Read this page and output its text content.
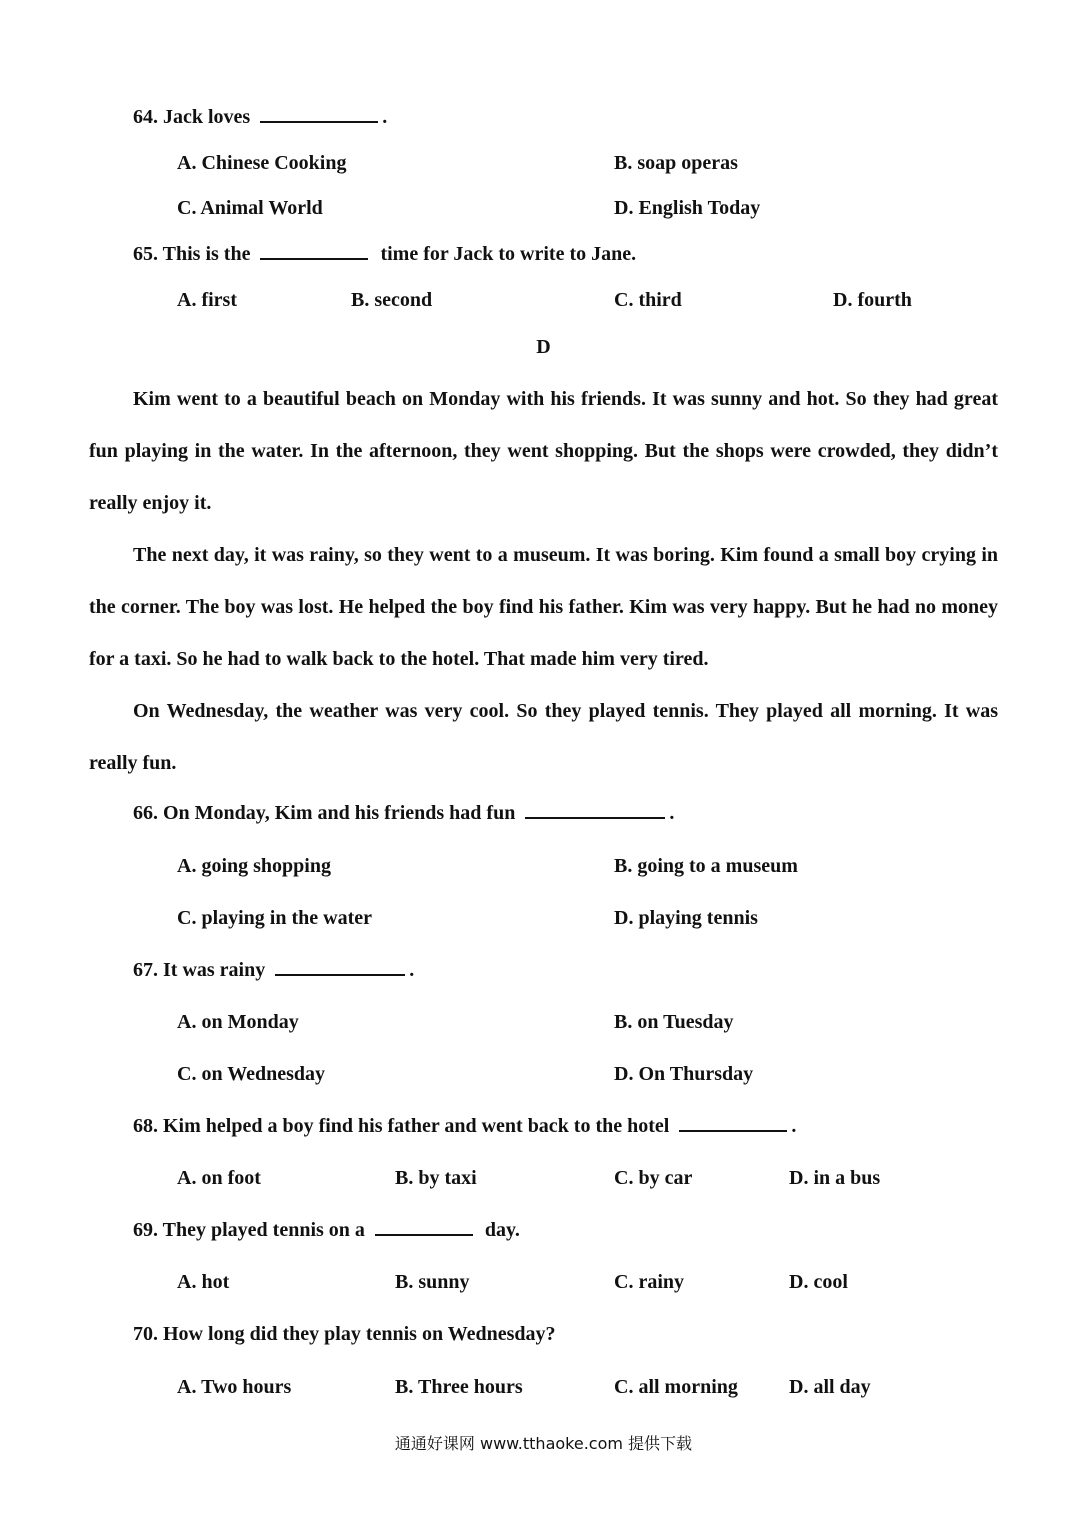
64. Jack loves	.
A. Chinese Cooking	B. soap operas
C. Animal World	D. English Today
65. This is the	time for Jack to write to Jane.
A. first	B. second	C. third	D. fourth
D

Kim went to a beautiful beach on Monday with his friends. It was sunny and hot. So they had great fun playing in the water. In the afternoon, they went shopping. But the shops were crowded, they didn’t really enjoy it.

The next day, it was rainy, so they went to a museum. It was boring. Kim found a small boy crying in the corner. The boy was lost. He helped the boy find his father. Kim was very happy. But he had no money for a taxi. So he had to walk back to the hotel. That made him very tired.

On Wednesday, the weather was very cool. So they played tennis. They played all morning. It was really fun.

66. On Monday, Kim and his friends had fun	.
A. going shopping	B. going to a museum
C. playing in the water	D. playing tennis
67. It was rainy	.
A. on Monday	B. on Tuesday
C. on Wednesday	D. On Thursday
68. Kim helped a boy find his father and went back to the hotel	.
A. on foot	B. by taxi	C. by car	D. in a bus
69. They played tennis on a	day.
A. hot	B. sunny	C. rainy	D. cool
70. How long did they play tennis on Wednesday?
A. Two hours	B. Three hours	C. all morning	D. all day
通通好课网 www.tthaoke.com 提供下载
